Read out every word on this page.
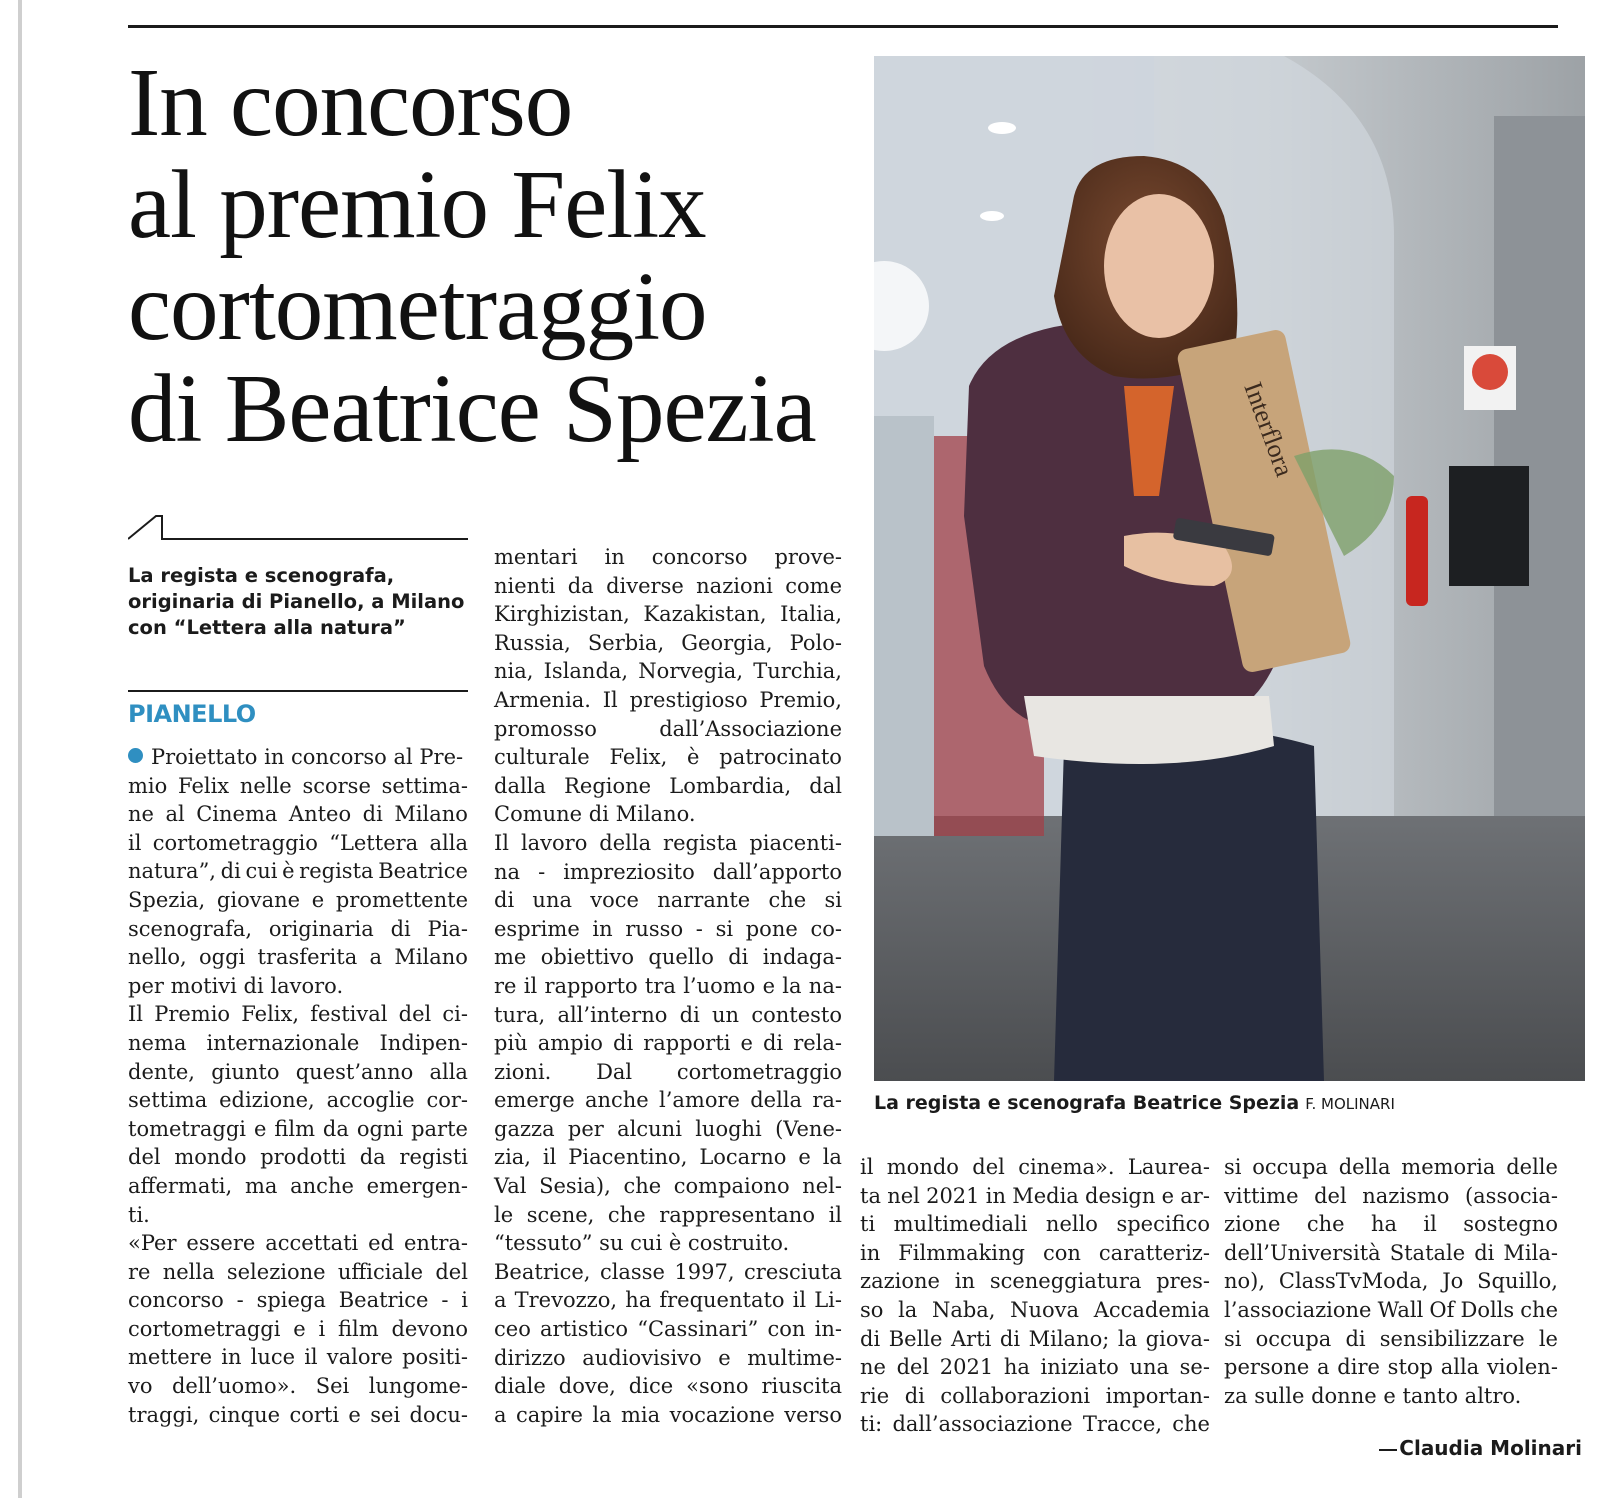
In concorso
al premio Felix
cortometraggio
di Beatrice Spezia

La regista e scenografa,
originaria di Pianello, a Milano
con “Lettera alla natura”

PIANELLO
Proiettato in concorso al Pre-
mio Felix nelle scorse settima-
ne al Cinema Anteo di Milano
il cortometraggio “Lettera alla
natura”, di cui è regista Beatrice
Spezia, giovane e promettente
scenografa, originaria di Pia-
nello, oggi trasferita a Milano
per motivi di lavoro.
Il Premio Felix, festival del ci-
nema internazionale Indipen-
dente, giunto quest’anno alla
settima edizione, accoglie cor-
tometraggi e film da ogni parte
del mondo prodotti da registi
affermati, ma anche emergen-
ti.
«Per essere accettati ed entra-
re nella selezione ufficiale del
concorso - spiega Beatrice - i
cortometraggi e i film devono
mettere in luce il valore positi-
vo dell’uomo». Sei lungome-
traggi, cinque corti e sei docu-
mentari in concorso prove-
nienti da diverse nazioni come
Kirghizistan, Kazakistan, Italia,
Russia, Serbia, Georgia, Polo-
nia, Islanda, Norvegia, Turchia,
Armenia. Il prestigioso Premio,
promosso	dall’Associazione
culturale Felix, è patrocinato
dalla Regione Lombardia, dal
Comune di Milano.
Il lavoro della regista piacenti-
na - impreziosito dall’apporto
di una voce narrante che si
esprime in russo - si pone co-
me obiettivo quello di indaga-
re il rapporto tra l’uomo e la na-
tura, all’interno di un contesto
più ampio di rapporti e di rela-
zioni. Dal cortometraggio
emerge anche l’amore della ra-
gazza per alcuni luoghi (Vene-
zia, il Piacentino, Locarno e la
Val Sesia), che compaiono nel-
le scene, che rappresentano il
“tessuto” su cui è costruito.
Beatrice, classe 1997, cresciuta
a Trevozzo, ha frequentato il Li-
ceo artistico “Cassinari” con in-
dirizzo audiovisivo e multime-
diale dove, dice «sono riuscita
a capire la mia vocazione verso
Interflora
La regista e scenografa Beatrice Spezia F. MOLINARI
il mondo del cinema». Laurea-
ta nel 2021 in Media design e ar-
ti multimediali nello specifico
in Filmmaking con caratteriz-
zazione in sceneggiatura pres-
so la Naba, Nuova Accademia
di Belle Arti di Milano; la giova-
ne del 2021 ha iniziato una se-
rie di collaborazioni importan-
ti: dall’associazione Tracce, che
si occupa della memoria delle
vittime del nazismo (associa-
zione che ha il sostegno
dell’Università Statale di Mila-
no), ClassTvModa, Jo Squillo,
l’associazione Wall Of Dolls che
si occupa di sensibilizzare le
persone a dire stop alla violen-
za sulle donne e tanto altro.
Claudia Molinari
